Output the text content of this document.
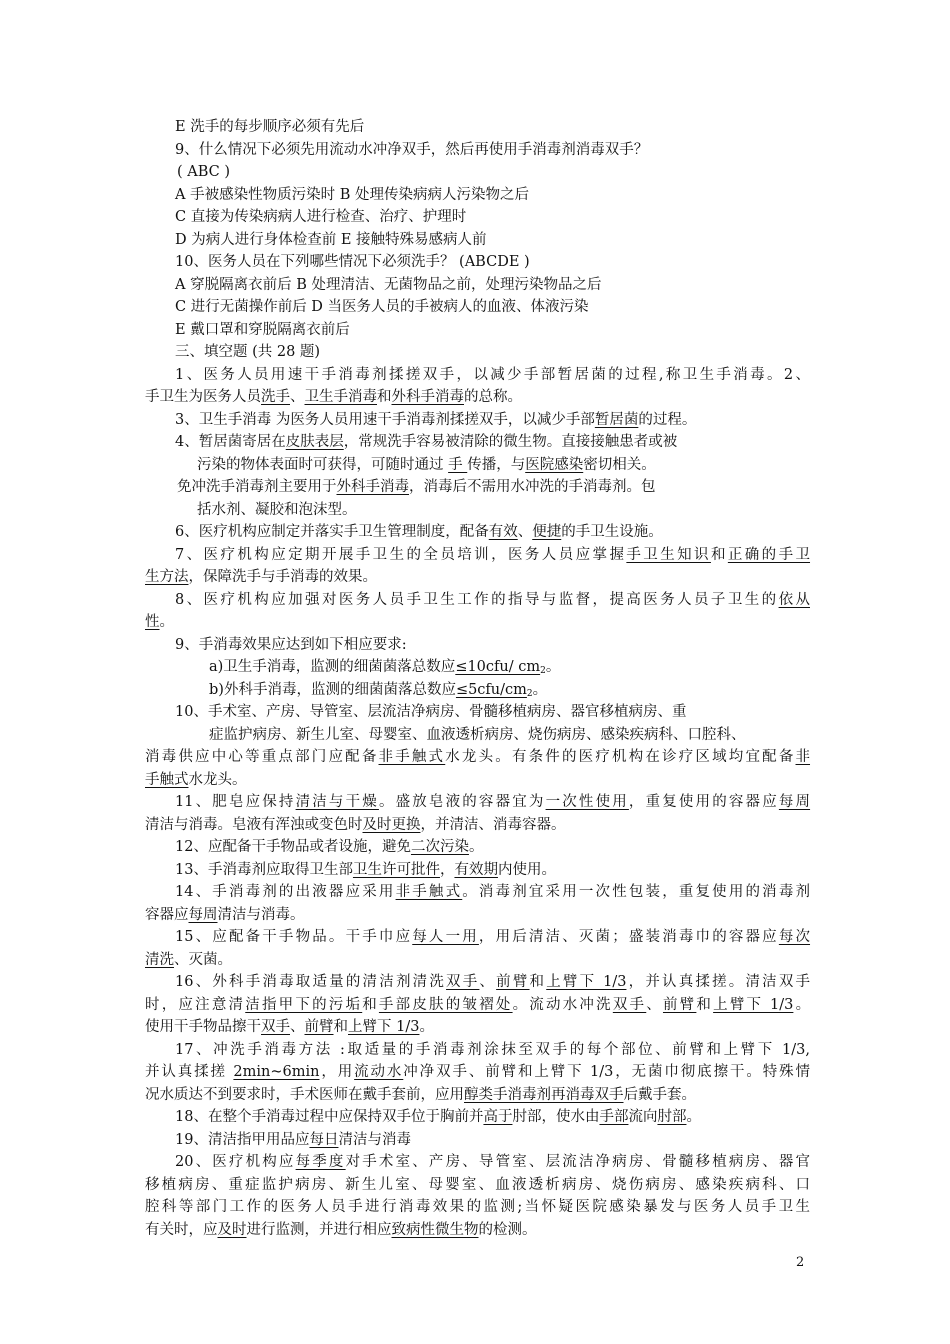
E 洗手的每步顺序必须有先后
9、什么情况下必须先用流动水冲净双手，然后再使用手消毒剂消毒双手？
( ABC )
A 手被感染性物质污染时 B 处理传染病病人污染物之后
C 直接为传染病病人进行检查、治疗、护理时
D 为病人进行身体检查前 E 接触特殊易感病人前
10、医务人员在下列哪些情况下必须洗手？ (ABCDE )
A 穿脱隔离衣前后 B 处理清洁、无菌物品之前，处理污染物品之后
C 进行无菌操作前后 D 当医务人员的手被病人的血液、体液污染
E 戴口罩和穿脱隔离衣前后
三、填空题 (共 28 题)
1、医务人员用速干手消毒剂揉搓双手，以减少手部暂居菌的过程,称卫生手消毒。2、
手卫生为医务人员洗手、卫生手消毒和外科手消毒的总称。
3、卫生手消毒 为医务人员用速干手消毒剂揉搓双手，以减少手部暂居菌的过程。
4、暂居菌寄居在皮肤表层，常规洗手容易被清除的微生物。直接接触患者或被
污染的物体表面时可获得，可随时通过 手 传播，与医院感染密切相关。
免冲洗手消毒剂主要用于外科手消毒，消毒后不需用水冲洗的手消毒剂。包
括水剂、凝胶和泡沫型。
6、医疗机构应制定并落实手卫生管理制度，配备有效、便捷的手卫生设施。
7、医疗机构应定期开展手卫生的全员培训，医务人员应掌握手卫生知识和正确的手卫
生方法，保障洗手与手消毒的效果。
8、医疗机构应加强对医务人员手卫生工作的指导与监督，提高医务人员子卫生的依从
性。
9、手消毒效果应达到如下相应要求:
a)卫生手消毒，监测的细菌菌落总数应≤10cfu/ $cm_2$。
b)外科手消毒，监测的细菌菌落总数应$\le 5cfu/cm_2$。
10、手术室、产房、导管室、层流洁净病房、骨髓移植病房、器官移植病房、重
症监护病房、新生儿室、母婴室、血液透析病房、烧伤病房、感染疾病科、口腔科、
消毒供应中心等重点部门应配备非手触式水龙头。有条件的医疗机构在诊疗区域均宜配备非
手触式水龙头。
11、肥皂应保持清洁与干燥。盛放皂液的容器宜为一次性使用，重复使用的容器应每周
清洁与消毒。皂液有浑浊或变色时及时更换，并清洁、消毒容器。
12、应配备干手物品或者设施，避免二次污染。
13、手消毒剂应取得卫生部卫生许可批件，有效期内使用。
14、手消毒剂的出液器应采用非手触式。消毒剂宜采用一次性包装，重复使用的消毒剂
容器应每周清洁与消毒。
15、应配备干手物品。干手巾应每人一用，用后清洁、灭菌；盛装消毒巾的容器应每次
清洗、灭菌。
16、外科手消毒取适量的清洁剂清洗双手、前臂和上臂下 1/3，并认真揉搓。清洁双手
时，应注意清洁指甲下的污垢和手部皮肤的皱褶处。流动水冲洗双手、前臂和上臂下 1/3。
使用干手物品擦干双手、前臂和上臂下 1/3。
17、冲洗手消毒方法 :取适量的手消毒剂涂抹至双手的每个部位、前臂和上臂下 1/3,
并认真揉搓 2min~6min，用流动水冲净双手、前臂和上臂下 1/3，无菌巾彻底擦干。特殊情
况水质达不到要求时，手术医师在戴手套前，应用醇类手消毒剂再消毒双手后戴手套。
18、在整个手消毒过程中应保持双手位于胸前并高于肘部，使水由手部流向肘部。
19、清洁指甲用品应每日清洁与消毒
20、医疗机构应每季度对手术室、产房、导管室、层流洁净病房、骨髓移植病房、器官
移植病房、重症监护病房、新生儿室、母婴室、血液透析病房、烧伤病房、感染疾病科、口
腔科等部门工作的医务人员手进行消毒效果的监测;当怀疑医院感染暴发与医务人员手卫生
有关时，应及时进行监测，并进行相应致病性微生物的检测。
2
